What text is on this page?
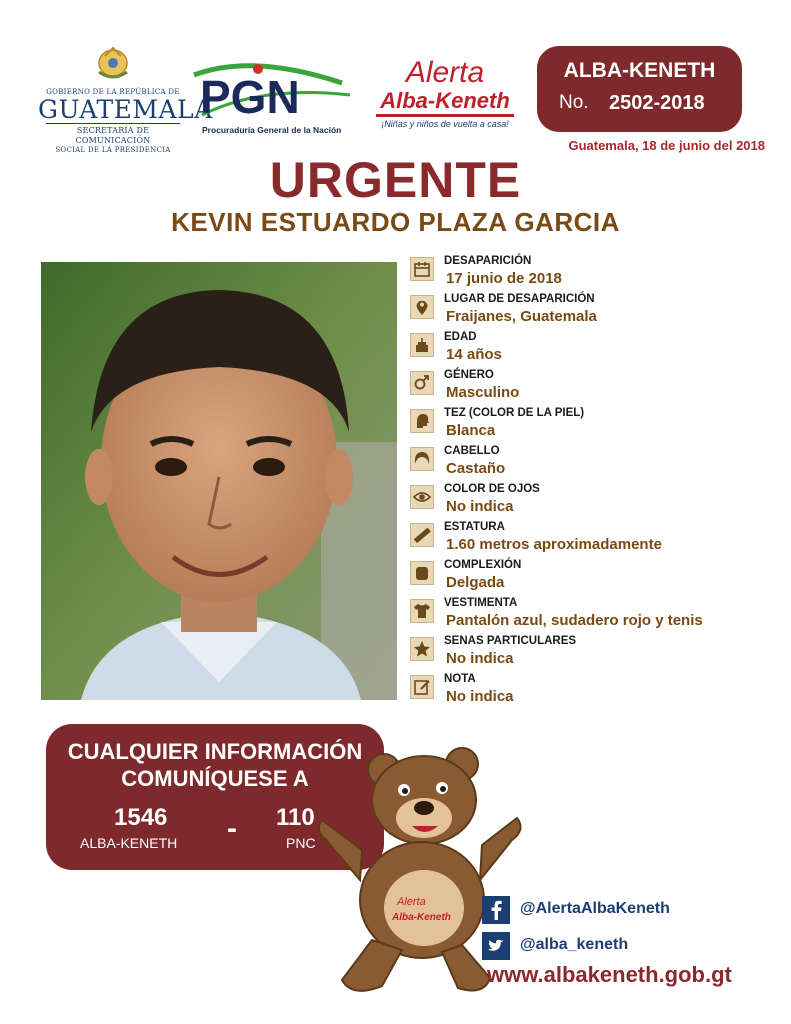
GOBIERNO DE LA REPÚBLICA DE
GUATEMALA
SECRETARÍA DE COMUNICACIÓN
SOCIAL DE LA PRESIDENCIA
PGN
Procuraduría General de la Nación
Alerta
Alba-Keneth
¡Niñas y niños de vuelta a casa!
ALBA-KENETH
No. 2502-2018
Guatemala, 18 de junio del 2018
URGENTE
KEVIN ESTUARDO PLAZA GARCIA
DESAPARICIÓN
17 junio de 2018
LUGAR DE DESAPARICIÓN
Fraijanes, Guatemala
EDAD
14 años
GÉNERO
Masculino
TEZ (COLOR DE LA PIEL)
Blanca
CABELLO
Castaño
COLOR DE OJOS
No indica
ESTATURA
1.60 metros aproximadamente
COMPLEXIÓN
Delgada
VESTIMENTA
Pantalón azul, sudadero rojo y tenis
SENAS PARTICULARES
No indica
NOTA
No indica
CUALQUIER INFORMACIÓN
COMUNÍQUESE A
1546
ALBA-KENETH - 110
PNC
Alerta
Alba-Keneth
@AlertaAlbaKeneth
@alba_keneth
www.albakeneth.gob.gt
